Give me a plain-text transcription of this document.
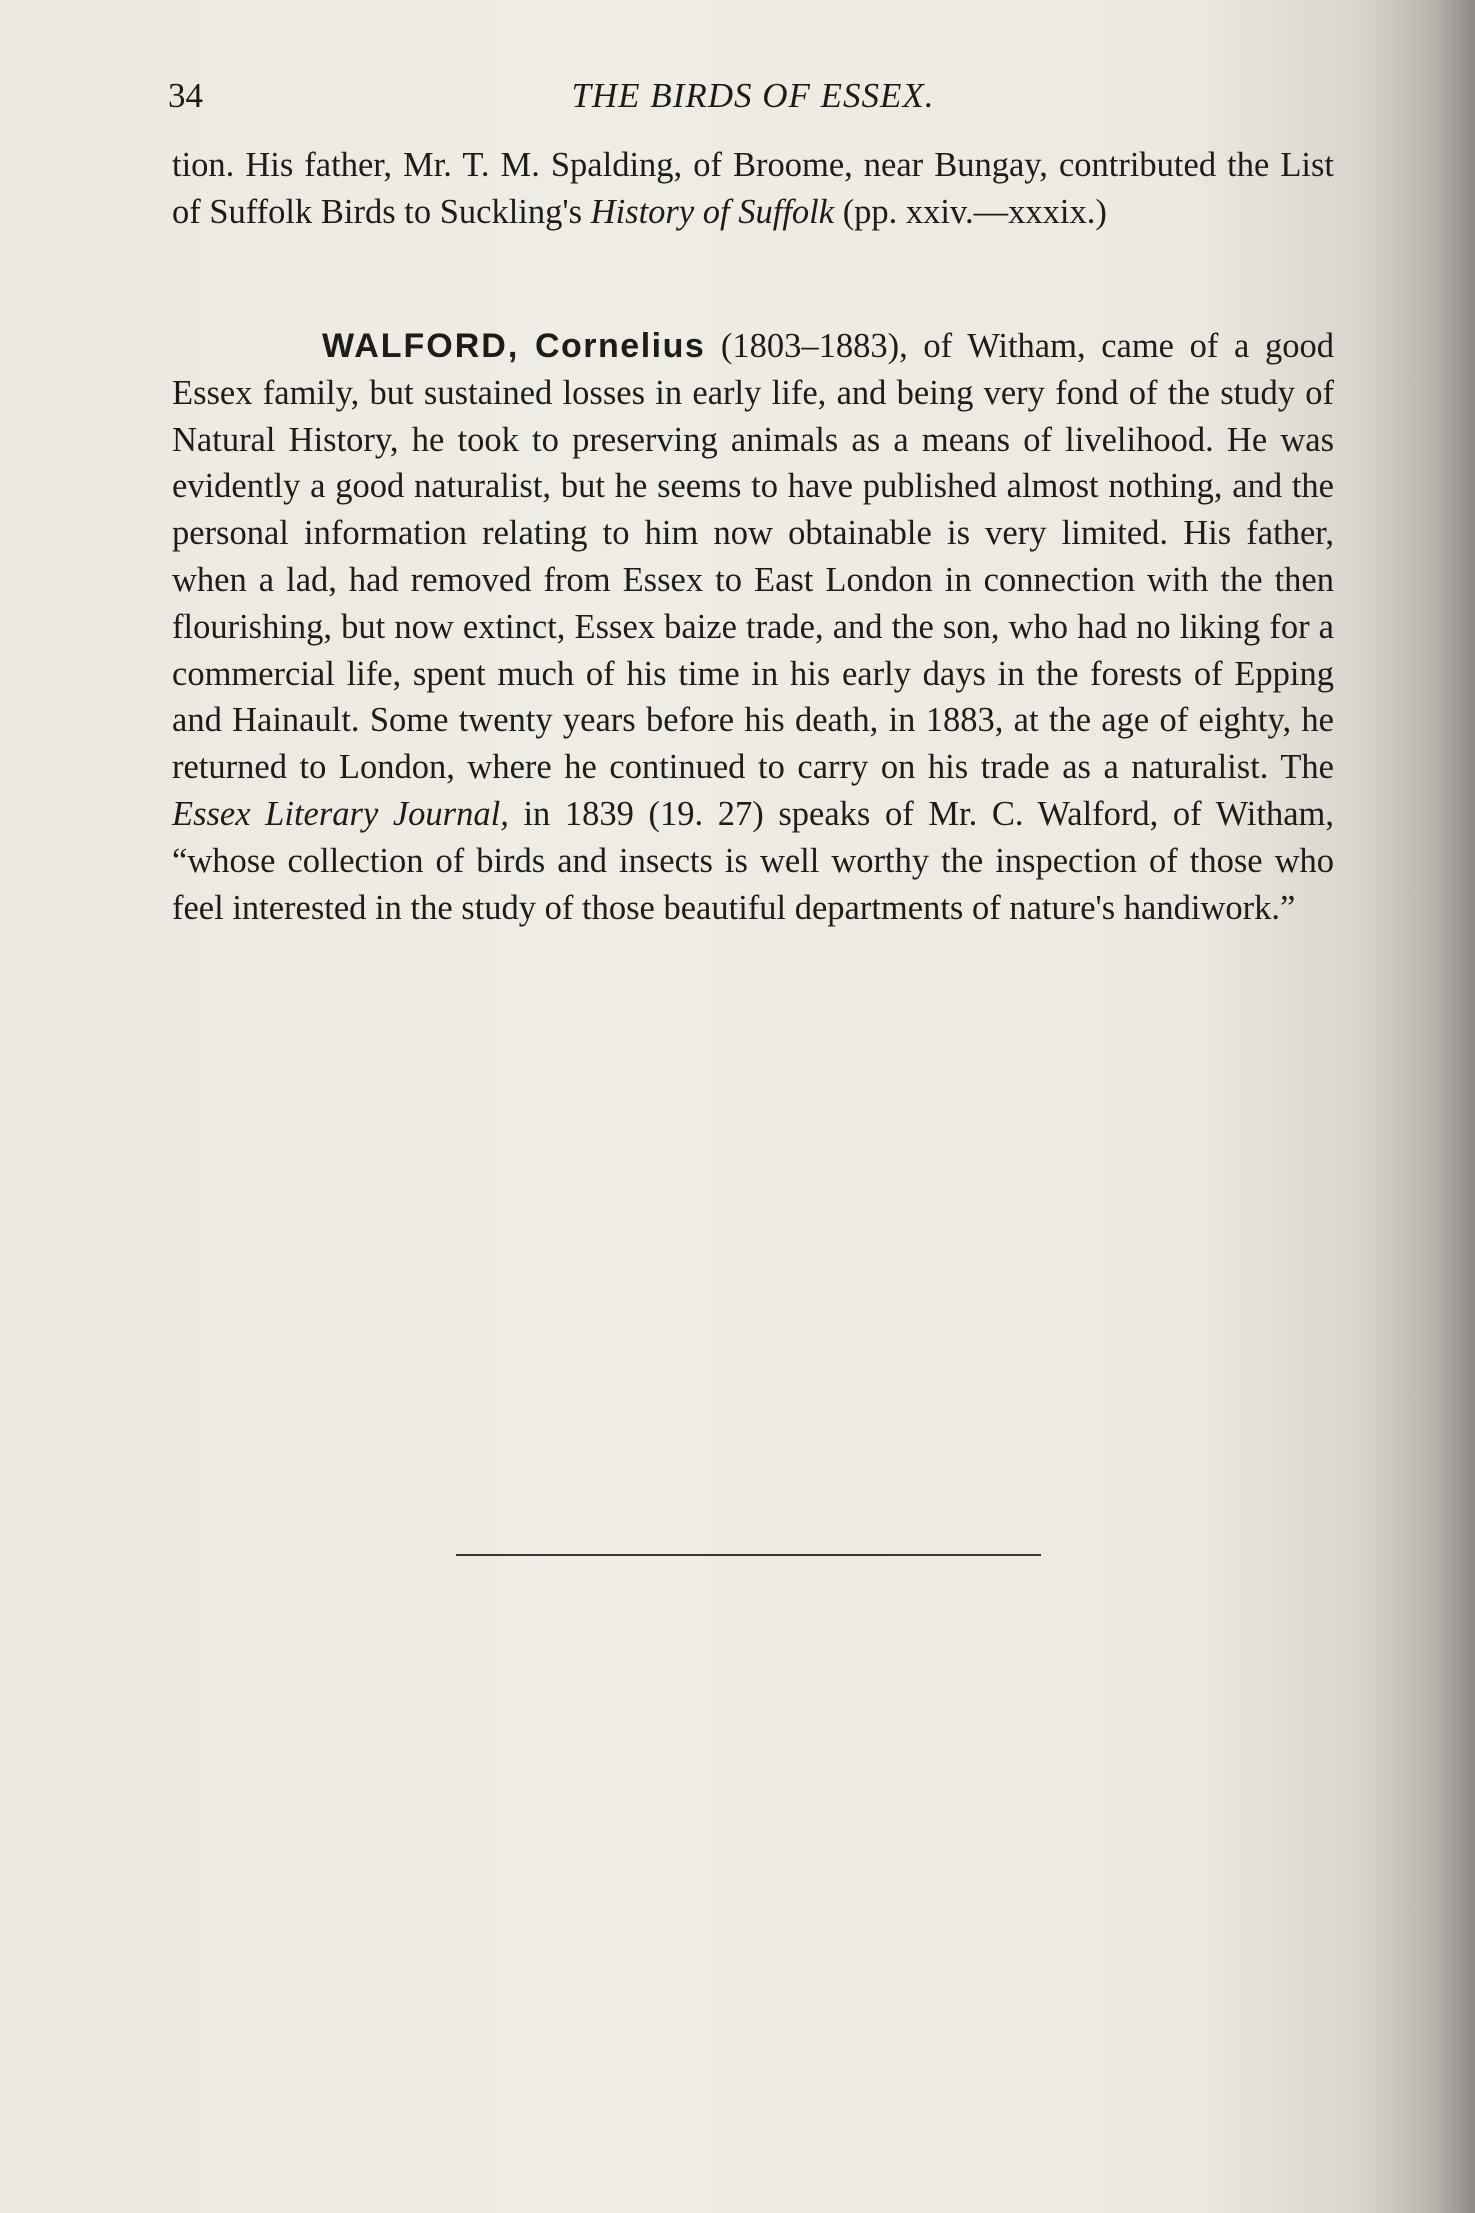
34	THE BIRDS OF ESSEX.

tion. His father, Mr. T. M. Spalding, of Broome, near Bungay, contributed the List of Suffolk Birds to Suckling's History of Suffolk (pp. xxiv.—xxxix.)

WALFORD, Cornelius (1803–1883), of Witham, came of a good Essex family, but sustained losses in early life, and being very fond of the study of Natural History, he took to preserving animals as a means of livelihood. He was evidently a good naturalist, but he seems to have published almost nothing, and the personal information relating to him now obtainable is very limited. His father, when a lad, had removed from Essex to East London in connection with the then flourishing, but now extinct, Essex baize trade, and the son, who had no liking for a commercial life, spent much of his time in his early days in the forests of Epping and Hainault. Some twenty years before his death, in 1883, at the age of eighty, he returned to London, where he continued to carry on his trade as a naturalist. The Essex Literary Journal, in 1839 (19. 27) speaks of Mr. C. Walford, of Witham, “whose collection of birds and insects is well worthy the inspection of those who feel interested in the study of those beautiful departments of nature's handiwork.”
